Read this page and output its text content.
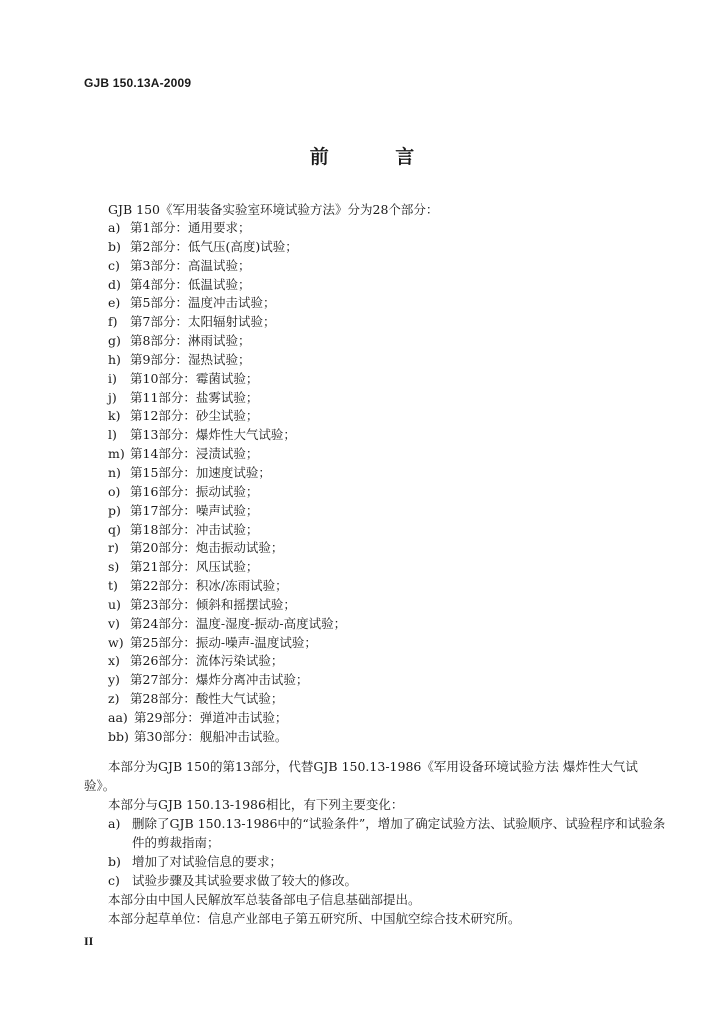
GJB 150.13A-2009
前 言
GJB 150《军用装备实验室环境试验方法》分为28个部分：
a) 第1部分：通用要求；
b) 第2部分：低气压(高度)试验；
c) 第3部分：高温试验；
d) 第4部分：低温试验；
e) 第5部分：温度冲击试验；
f) 第7部分：太阳辐射试验；
g) 第8部分：淋雨试验；
h) 第9部分：湿热试验；
i) 第10部分：霉菌试验；
j) 第11部分：盐雾试验；
k) 第12部分：砂尘试验；
l) 第13部分：爆炸性大气试验；
m) 第14部分：浸渍试验；
n) 第15部分：加速度试验；
o) 第16部分：振动试验；
p) 第17部分：噪声试验；
q) 第18部分：冲击试验；
r) 第20部分：炮击振动试验；
s) 第21部分：风压试验；
t) 第22部分：积冰/冻雨试验；
u) 第23部分：倾斜和摇摆试验；
v) 第24部分：温度-湿度-振动-高度试验；
w) 第25部分：振动-噪声-温度试验；
x) 第26部分：流体污染试验；
y) 第27部分：爆炸分离冲击试验；
z) 第28部分：酸性大气试验；
aa) 第29部分：弹道冲击试验；
bb) 第30部分：舰船冲击试验。

本部分为GJB 150的第13部分，代替GJB 150.13-1986《军用设备环境试验方法 爆炸性大气试验》。

本部分与GJB 150.13-1986相比，有下列主要变化：

a) 删除了GJB 150.13-1986中的“试验条件”，增加了确定试验方法、试验顺序、试验程序和试验条件的剪裁指南；

b) 增加了对试验信息的要求；

c) 试验步骤及其试验要求做了较大的修改。

本部分由中国人民解放军总装备部电子信息基础部提出。

本部分起草单位：信息产业部电子第五研究所、中国航空综合技术研究所。

II
